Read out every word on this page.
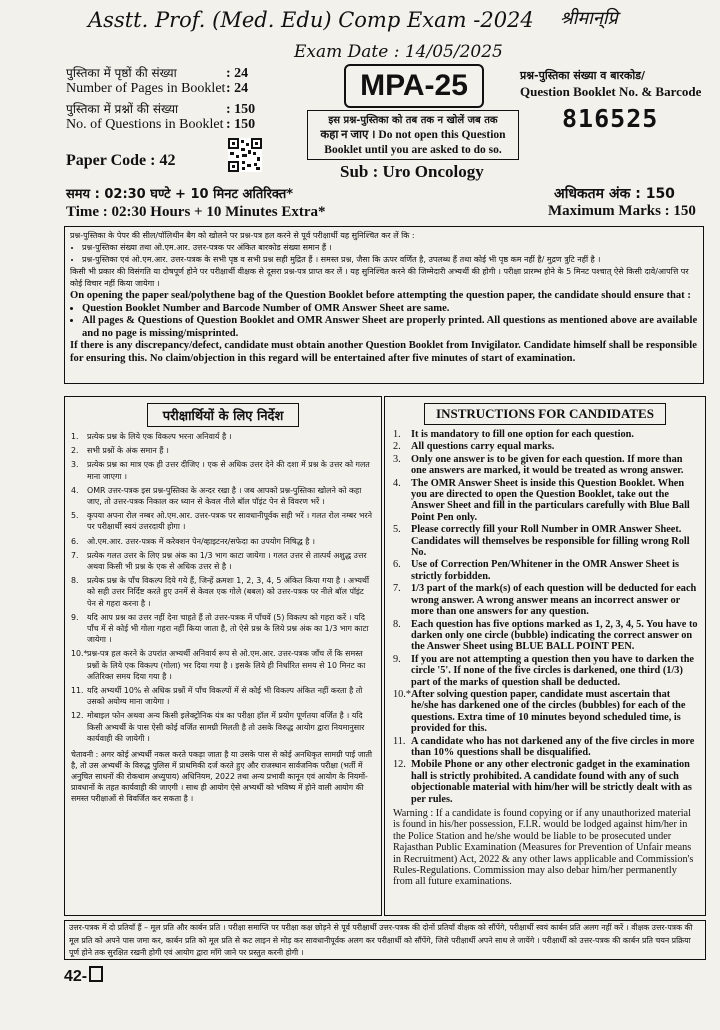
Asstt. Prof. (Med. Edu) Comp Exam -2024 श्रीमान्‌प्रि
Exam Date : 14/05/2025
MPA-25
पुस्तिका में पृष्ठों की संख्या	: 24
Number of Pages in Booklet : 24
पुस्तिका में प्रश्नों की संख्या	: 150
No. of Questions in Booklet : 150
प्रश्न-पुस्तिका संख्या व बारकोड/
Question Booklet No. & Barcode
816525
इस प्रश्न-पुस्तिका को तब तक न खोलें जब तक
कहा न जाए । Do not open this Question
Booklet until you are asked to do so.
Paper Code : 42
Sub : Uro Oncology
समय : 02:30 घण्टे + 10 मिनट अतिरिक्त*
Time : 02:30 Hours + 10 Minutes Extra*
अधिकतम अंक : 150
Maximum Marks : 150
प्रश्न-पुस्तिका के पेपर की सील/पॉलिथीन बैग को खोलने पर प्रश्न-पत्र हल करने से पूर्व परीक्षार्थी यह सुनिश्चित कर लें कि :
• प्रश्न-पुस्तिका संख्या तथा ओ.एम.आर. उत्तर-पत्रक पर अंकित बारकोड संख्या समान हैं ।
• प्रश्न-पुस्तिका एवं ओ.एम.आर. उत्तर-पत्रक के सभी पृष्ठ व सभी प्रश्न सही मुद्रित हैं । समस्त प्रश्न, जैसा कि ऊपर वर्णित है, उपलब्ध हैं तथा कोई भी पृष्ठ कम नहीं है/ मुद्रण त्रुटि नहीं है ।
किसी भी प्रकार की विसंगति या दोषपूर्ण होने पर परीक्षार्थी वीक्षक से दूसरा प्रश्न-पत्र प्राप्त कर लें । यह सुनिश्चित करने की जिम्मेदारी अभ्यर्थी की होगी । परीक्षा प्रारम्भ होने के 5 मिनट पश्चात् ऐसे किसी दावे/आपत्ति पर कोई विचार नहीं किया जायेगा ।
On opening the paper seal/polythene bag of the Question Booklet before attempting the question paper, the candidate should ensure that :
• Question Booklet Number and Barcode Number of OMR Answer Sheet are same.
• All pages & Questions of Question Booklet and OMR Answer Sheet are properly printed. All questions as mentioned above are available and no page is missing/misprinted.
If there is any discrepancy/defect, candidate must obtain another Question Booklet from Invigilator. Candidate himself shall be responsible for ensuring this. No claim/objection in this regard will be entertained after five minutes of start of examination.
परीक्षार्थियों के लिए निर्देश
1. प्रत्येक प्रश्न के लिये एक विकल्प भरना अनिवार्य है ।
2. सभी प्रश्नों के अंक समान हैं ।
3. प्रत्येक प्रश्न का मात्र एक ही उत्तर दीजिए । एक से अधिक उत्तर देने की दशा में प्रश्न के उत्तर को गलत माना जाएगा ।
4. OMR उत्तर-पत्रक इस प्रश्न-पुस्तिका के अन्दर रखा है । जब आपको प्रश्न-पुस्तिका खोलने को कहा जाए, तो उत्तर-पत्रक निकाल कर ध्यान से केवल नीले बॉल पॉइंट पेन से विवरण भरें ।
5. कृपया अपना रोल नम्बर ओ.एम.आर. उत्तर-पत्रक पर सावधानीपूर्वक सही भरें । गलत रोल नम्बर भरने पर परीक्षार्थी स्वयं उत्तरदायी होगा ।
6. ओ.एम.आर. उत्तर-पत्रक में करेक्शन पेन/व्हाइटनर/सफेदा का उपयोग निषिद्ध है ।
7. प्रत्येक गलत उत्तर के लिए प्रश्न अंक का 1/3 भाग काटा जायेगा । गलत उत्तर से तात्पर्य अशुद्ध उत्तर अथवा किसी भी प्रश्न के एक से अधिक उत्तर से है ।
8. प्रत्येक प्रश्न के पाँच विकल्प दिये गये हैं, जिन्हें क्रमशः 1, 2, 3, 4, 5 अंकित किया गया है । अभ्यर्थी को सही उत्तर निर्दिष्ट करते हुए उनमें से केवल एक गोले (बबल) को उत्तर-पत्रक पर नीले बॉल पॉइंट पेन से गहरा करना है ।
9. यदि आप प्रश्न का उत्तर नहीं देना चाहते हैं तो उत्तर-पत्रक में पाँचवें (5) विकल्प को गहरा करें । यदि पाँच में से कोई भी गोला गहरा नहीं किया जाता है, तो ऐसे प्रश्न के लिये प्रश्न अंक का 1/3 भाग काटा जायेगा ।
10.* प्रश्न-पत्र हल करने के उपरांत अभ्यर्थी अनिवार्य रूप से ओ.एम.आर. उत्तर-पत्रक जाँच लें कि समस्त प्रश्नों के लिये एक विकल्प (गोला) भर दिया गया है । इसके लिये ही निर्धारित समय से 10 मिनट का अतिरिक्त समय दिया गया है ।
11. यदि अभ्यर्थी 10% से अधिक प्रश्नों में पाँच विकल्पों में से कोई भी विकल्प अंकित नहीं करता है तो उसको अयोग्य माना जायेगा ।
12. मोबाइल फोन अथवा अन्य किसी इलेक्ट्रोनिक यंत्र का परीक्षा हॉल में प्रयोग पूर्णतया वर्जित है । यदि किसी अभ्यर्थी के पास ऐसी कोई वर्जित सामग्री मिलती है तो उसके विरुद्ध आयोग द्वारा नियमानुसार कार्यवाही की जायेगी ।
चेतावनी : अगर कोई अभ्यर्थी नकल करते पकड़ा जाता है या उसके पास से कोई अनधिकृत सामग्री पाई जाती है, तो उस अभ्यर्थी के विरुद्ध पुलिस में प्राथमिकी दर्ज करते हुए और राजस्थान सार्वजनिक परीक्षा (भर्ती में अनुचित साधनों की रोकथाम अध्युपाय) अधिनियम, 2022 तथा अन्य प्रभावी कानून एवं आयोग के नियमों-प्रावधानों के तहत कार्यवाही की जाएगी । साथ ही आयोग ऐसे अभ्यर्थी को भविष्य में होने वाली आयोग की समस्त परीक्षाओं से विवर्जित कर सकता है ।
INSTRUCTIONS FOR CANDIDATES
1. It is mandatory to fill one option for each question.
2. All questions carry equal marks.
3. Only one answer is to be given for each question. If more than one answers are marked, it would be treated as wrong answer.
4. The OMR Answer Sheet is inside this Question Booklet. When you are directed to open the Question Booklet, take out the Answer Sheet and fill in the particulars carefully with Blue Ball Point Pen only.
5. Please correctly fill your Roll Number in OMR Answer Sheet. Candidates will themselves be responsible for filling wrong Roll No.
6. Use of Correction Pen/Whitener in the OMR Answer Sheet is strictly forbidden.
7. 1/3 part of the mark(s) of each question will be deducted for each wrong answer. A wrong answer means an incorrect answer or more than one answers for any question.
8. Each question has five options marked as 1, 2, 3, 4, 5. You have to darken only one circle (bubble) indicating the correct answer on the Answer Sheet using BLUE BALL POINT PEN.
9. If you are not attempting a question then you have to darken the circle '5'. If none of the five circles is darkened, one third (1/3) part of the marks of question shall be deducted.
10.* After solving question paper, candidate must ascertain that he/she has darkened one of the circles (bubbles) for each of the questions. Extra time of 10 minutes beyond scheduled time, is provided for this.
11. A candidate who has not darkened any of the five circles in more than 10% questions shall be disqualified.
12. Mobile Phone or any other electronic gadget in the examination hall is strictly prohibited. A candidate found with any of such objectionable material with him/her will be strictly dealt with as per rules.
Warning : If a candidate is found copying or if any unauthorized material is found in his/her possession, F.I.R. would be lodged against him/her in the Police Station and he/she would be liable to be prosecuted under Rajasthan Public Examination (Measures for Prevention of Unfair means in Recruitment) Act, 2022 & any other laws applicable and Commission's Rules-Regulations. Commission may also debar him/her permanently from all future examinations.
उत्तर-पत्रक में दो प्रतियाँ हैं – मूल प्रति और कार्बन प्रति । परीक्षा समाप्ति पर परीक्षा कक्ष छोड़ने से पूर्व परीक्षार्थी उत्तर-पत्रक की दोनों प्रतियाँ वीक्षक को सौंपेंगे, परीक्षार्थी स्वयं कार्बन प्रति अलग नहीं करें । वीक्षक उत्तर-पत्रक की मूल प्रति को अपने पास जमा कर, कार्बन प्रति को मूल प्रति से कट लाइन से मोड़ कर सावधानीपूर्वक अलग कर परीक्षार्थी को सौंपेंगे, जिसे परीक्षार्थी अपने साथ ले जायेंगे । परीक्षार्थी को उत्तर-पत्रक की कार्बन प्रति चयन प्रक्रिया पूर्ण होने तक सुरक्षित रखनी होगी एवं आयोग द्वारा माँगे जाने पर प्रस्तुत करनी होगी ।
42-
